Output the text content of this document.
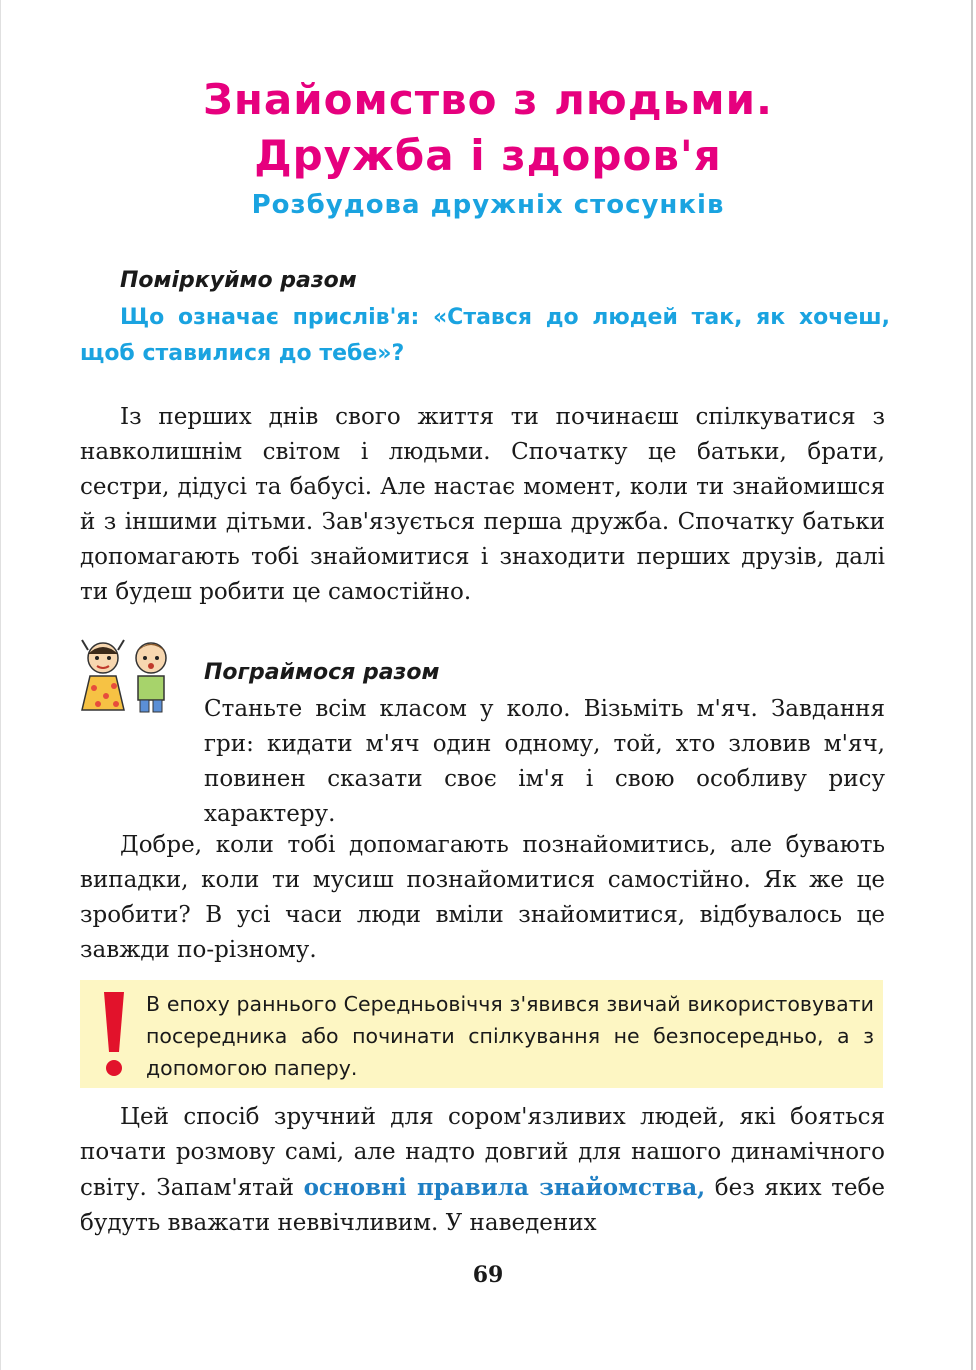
Знайомство з людьми.
Дружба і здоров'я
Розбудова дружніх стосунків
Поміркуймо разом
Що означає прислів'я: «Стався до людей так, як хочеш, щоб ставилися до тебе»?
Із перших днів свого життя ти починаєш спілкуватися з навколишнім світом і людьми. Спочатку це батьки, брати, сестри, дідусі та бабусі. Але настає момент, коли ти знайомишся й з іншими дітьми. Зав'язується перша дружба. Спочатку батьки допомагають тобі знайомитися і знаходити перших друзів, далі ти будеш робити це самостійно.
Пограймося разом
Станьте всім класом у коло. Візьміть м'яч. Завдання гри: кидати м'яч один одному, той, хто зловив м'яч, повинен сказати своє ім'я і свою особливу рису характеру.
Добре, коли тобі допомагають познайомитись, але бувають випадки, коли ти мусиш познайомитися самостійно. Як же це зробити? В усі часи люди вміли знайомитися, відбувалось це завжди по-різному.
В епоху раннього Середньовіччя з'явився звичай використовувати посередника або починати спілкування не безпосередньо, а з допомогою паперу.
Цей спосіб зручний для сором'язливих людей, які бояться почати розмову самі, але надто довгий для нашого динамічного світу. Запам'ятай основні правила знайомства, без яких тебе будуть вважати неввічливим. У наведених
69
